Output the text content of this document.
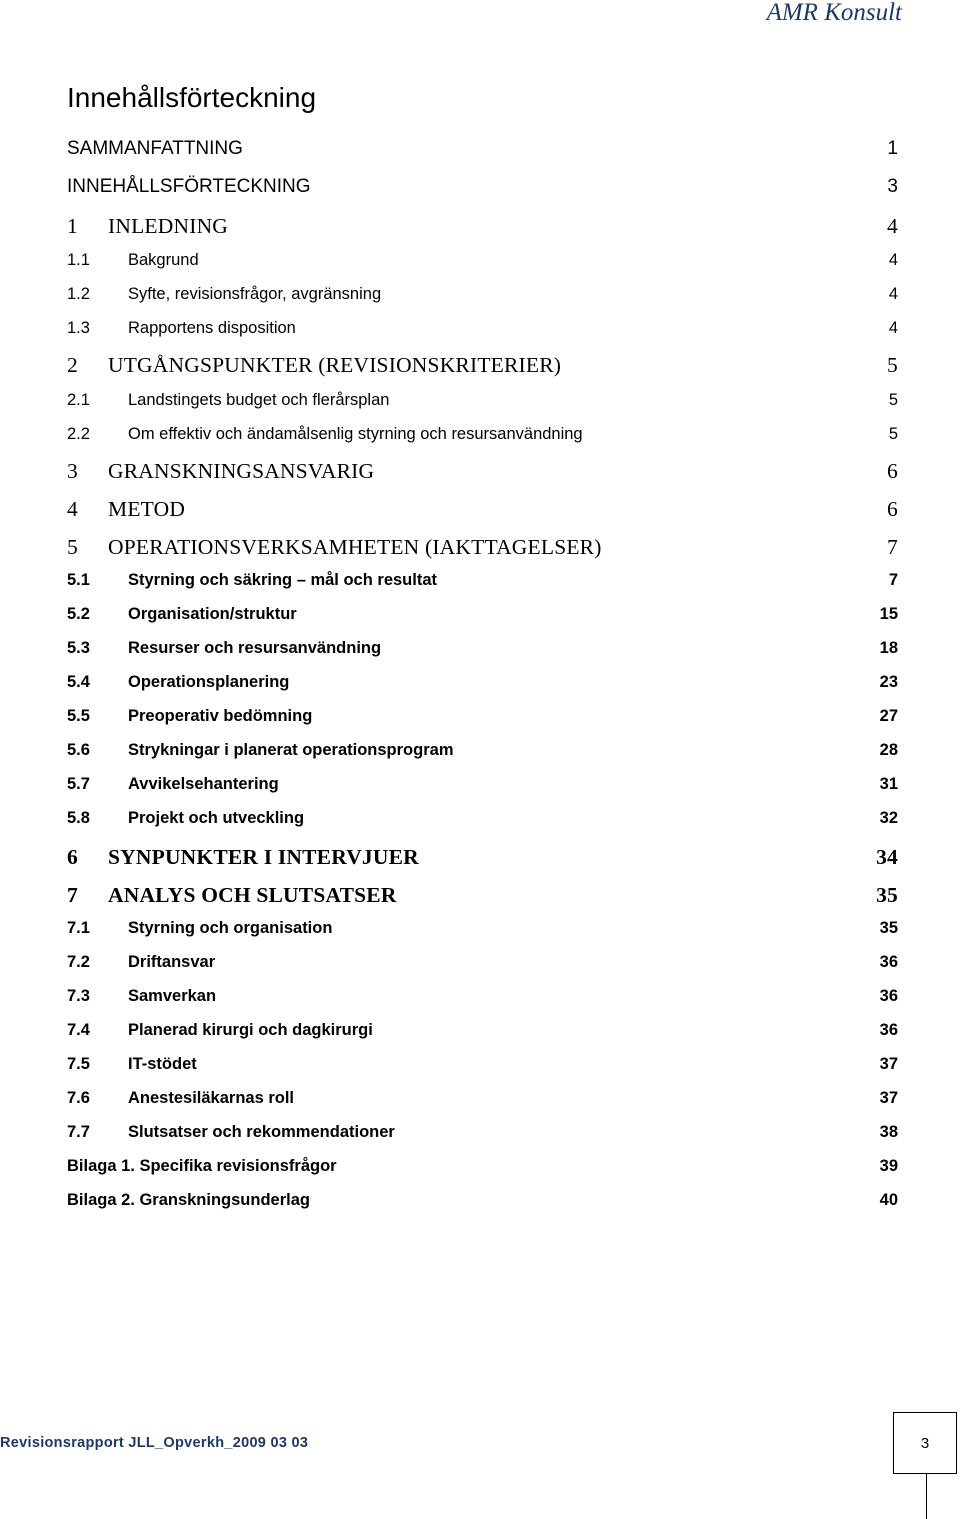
AMR Konsult
Innehållsförteckning
SAMMANFATTNING	1
INNEHÅLLSFÖRTECKNING	3
1	INLEDNING	4
1.1	Bakgrund	4
1.2	Syfte, revisionsfrågor, avgränsning	4
1.3	Rapportens disposition	4
2	UTGÅNGSPUNKTER (REVISIONSKRITERIER)	5
2.1	Landstingets budget och flerårsplan	5
2.2	Om effektiv och ändamålsenlig styrning och resursanvändning	5
3	GRANSKNINGSANSVARIG	6
4	METOD	6
5	OPERATIONSVERKSAMHETEN (IAKTTAGELSER)	7
5.1	Styrning och säkring – mål och resultat	7
5.2	Organisation/struktur	15
5.3	Resurser och resursanvändning	18
5.4	Operationsplanering	23
5.5	Preoperativ bedömning	27
5.6	Strykningar i planerat operationsprogram	28
5.7	Avvikelsehantering	31
5.8	Projekt och utveckling	32
6	SYNPUNKTER I INTERVJUER	34
7	ANALYS OCH SLUTSATSER	35
7.1	Styrning och organisation	35
7.2	Driftansvar	36
7.3	Samverkan	36
7.4	Planerad kirurgi och dagkirurgi	36
7.5	IT-stödet	37
7.6	Anestesiläkarnas roll	37
7.7	Slutsatser och rekommendationer	38
Bilaga 1. Specifika revisionsfrågor	39
Bilaga 2. Granskningsunderlag	40
Revisionsrapport JLL_Opverkh_2009 03 03	3
